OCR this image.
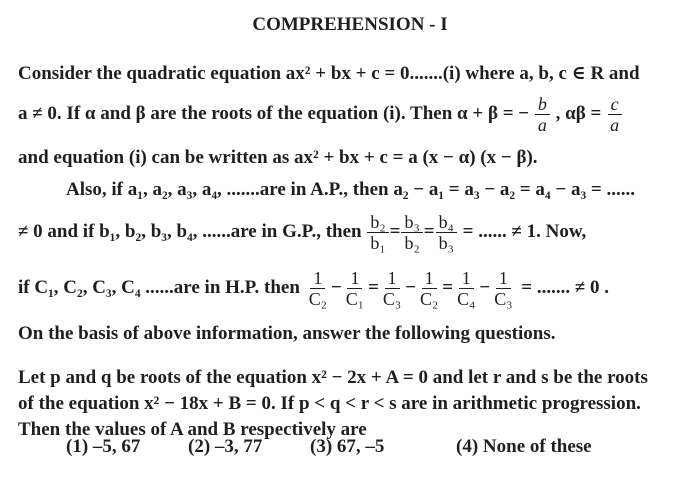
COMPREHENSION - I
Consider the quadratic equation ax² + bx + c = 0.......(i) where a, b, c ∈ R and
a ≠ 0. If α and β are the roots of the equation (i). Then α + β = − $\frac{b}{a}$ , $\alpha\beta = \frac{c}{a}$
and equation (i) can be written as ax² + bx + c = a (x − α) (x − β).
Also, if a₁, a₂, a₃, a₄, .......are in A.P., then a₂ − a₁ = a₃ − a₂ = a₄ − a₃ = ......
≠ 0 and if b₁, b₂, b₃, b₄, ......are in G.P., then $\frac{\text{b₂}}{\text{b₁}} = \frac{\text{b₃}}{\text{b₂}} = \frac{\text{b₄}}{\text{b₃}}$ = ...... ≠ 1. Now,
if C₁, C₂, C₃, C₄ ......are in H.P. then $\frac{1}{\text{C₂}} - \frac{1}{\text{C₁}} = \frac{1}{\text{C₃}} - \frac{1}{\text{C₂}} = \frac{1}{\text{C₄}} - \frac{1}{\text{C₃}}$ = ....... ≠ 0 .
On the basis of above information, answer the following questions.
Let p and q be roots of the equation x² − 2x + A = 0 and let r and s be the roots
of the equation x² − 18x + B = 0. If p < q < r < s are in arithmetic progression.
Then the values of A and B respectively are
(1) –5, 67	(2) –3, 77	(3) 67, –5	(4) None of these
